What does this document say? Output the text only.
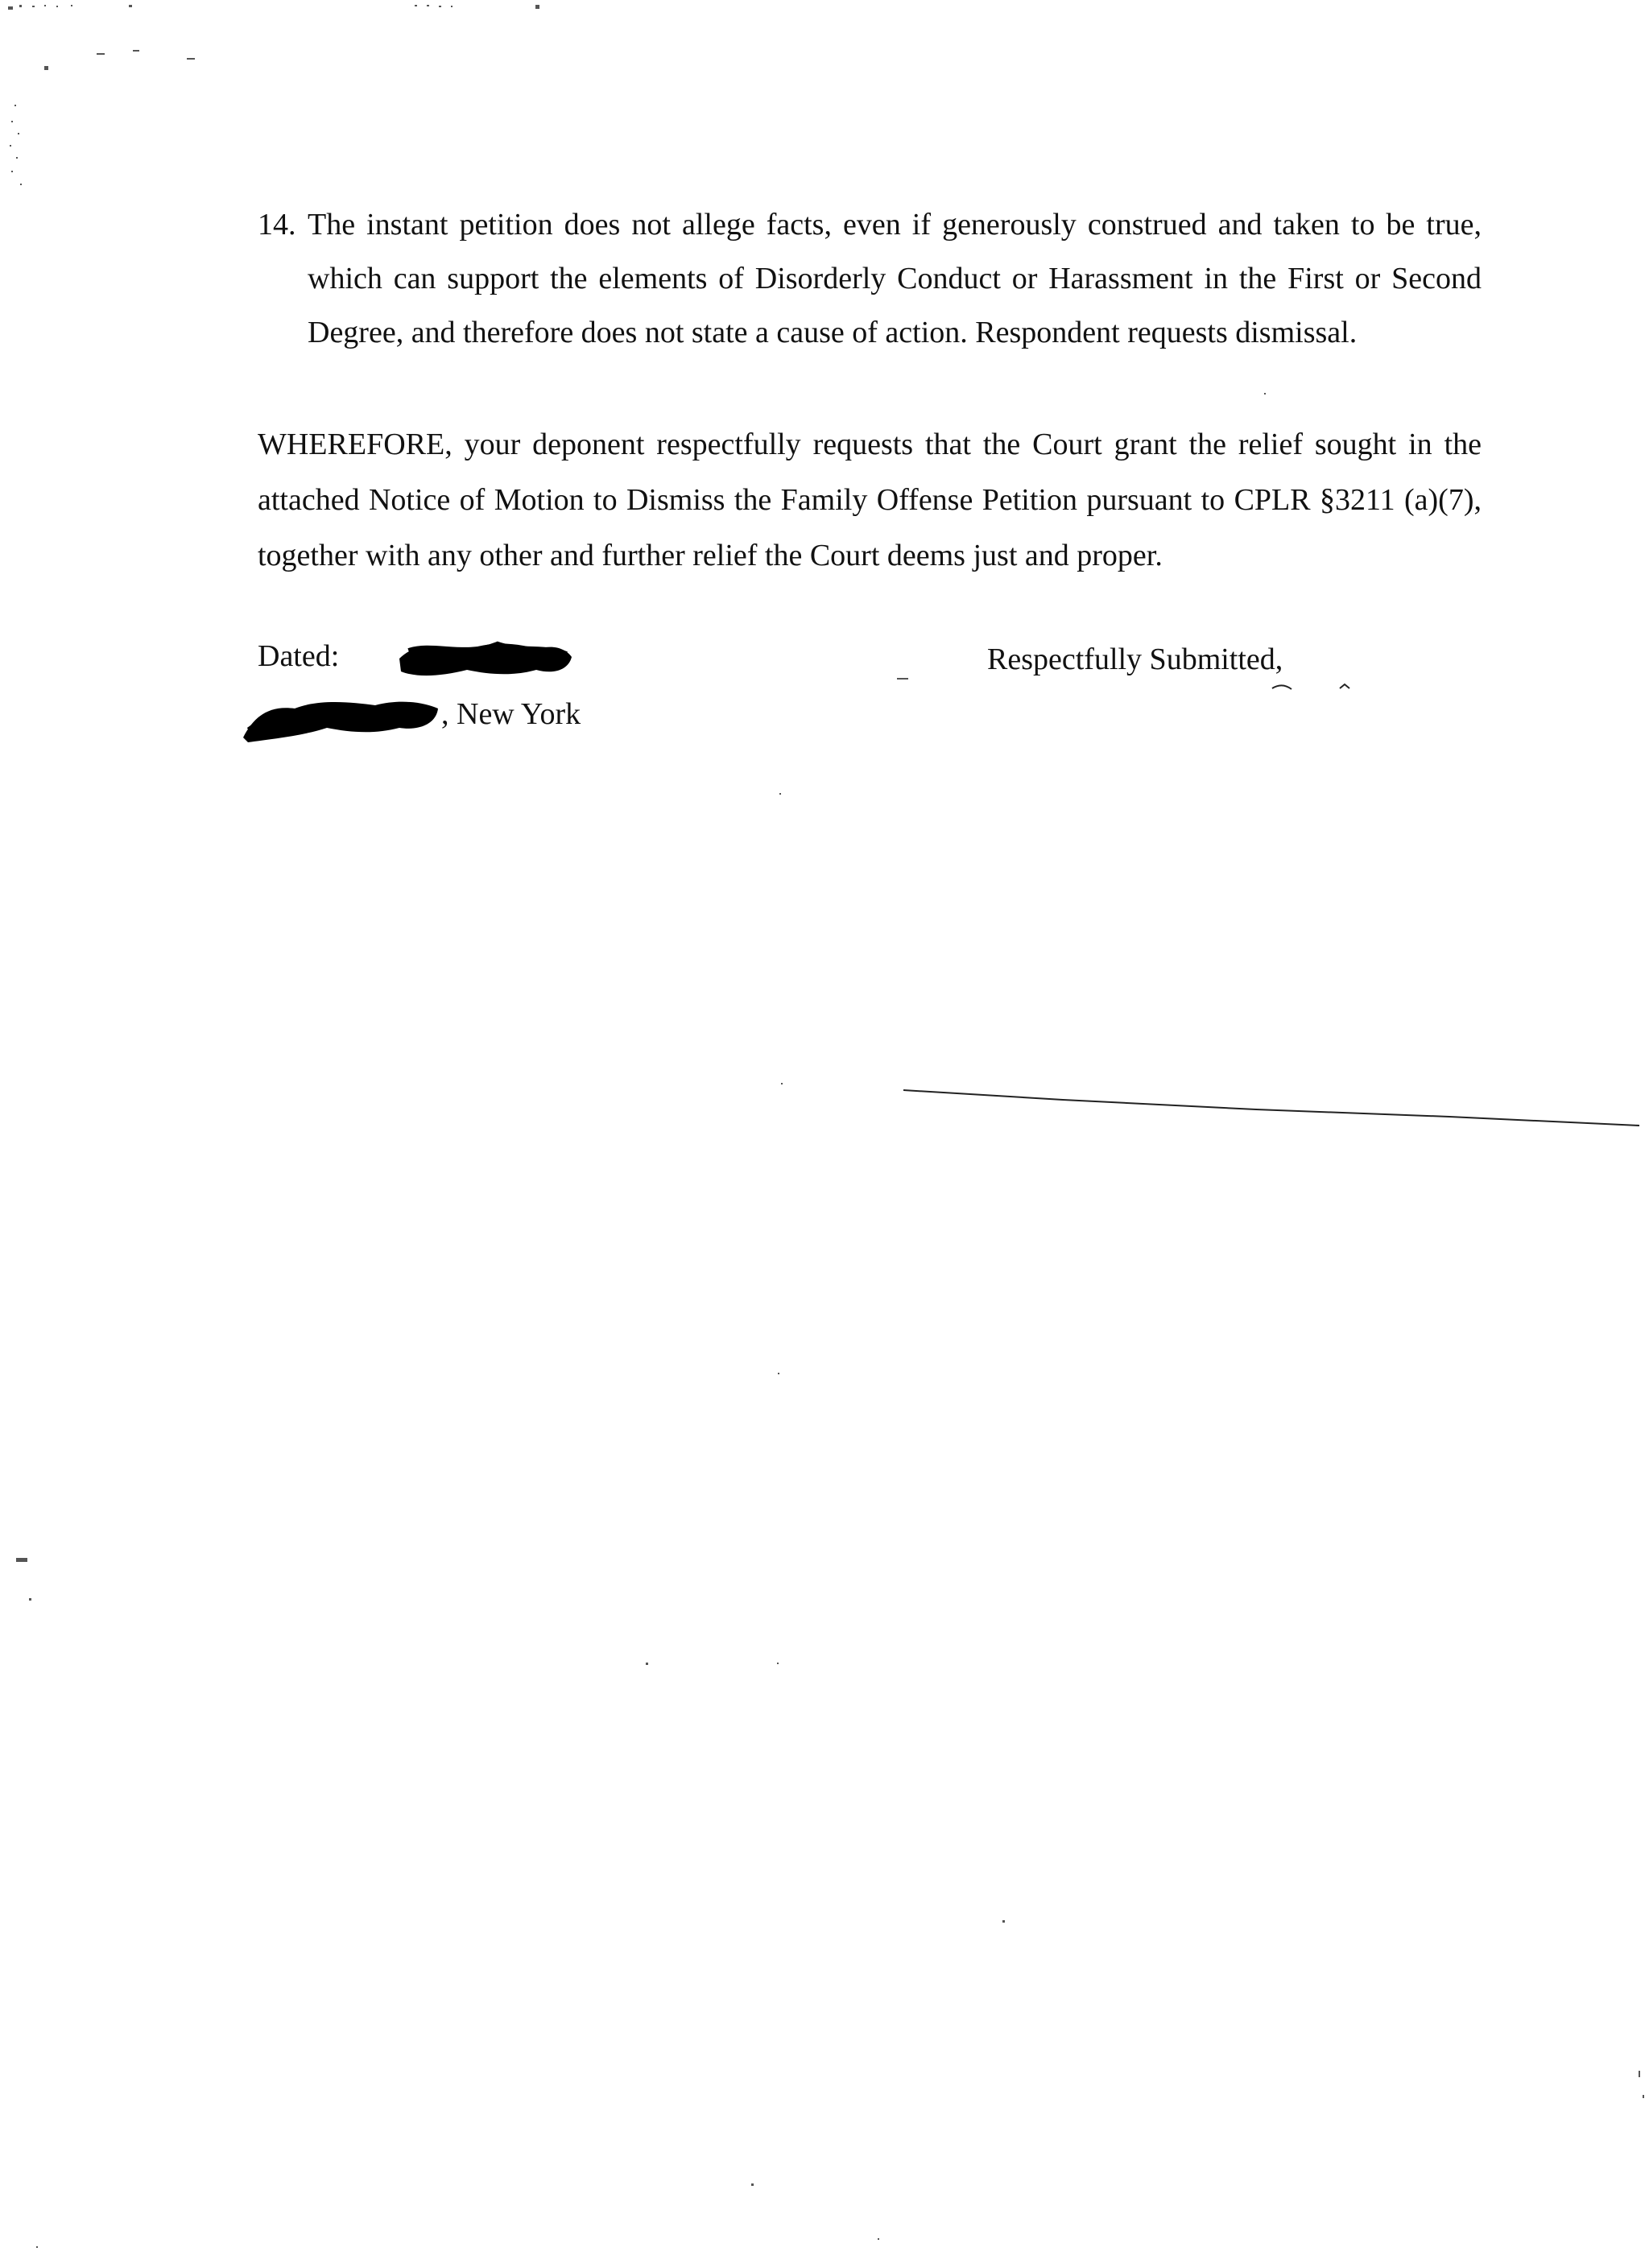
14. The instant petition does not allege facts, even if generously construed and taken to be true, which can support the elements of Disorderly Conduct or Harassment in the First or Second Degree, and therefore does not state a cause of action. Respondent requests dismissal.
WHEREFORE, your deponent respectfully requests that the Court grant the relief sought in the attached Notice of Motion to Dismiss the Family Offense Petition pursuant to CPLR §3211 (a)(7), together with any other and further relief the Court deems just and proper.
Dated:
, New York
Respectfully Submitted,
